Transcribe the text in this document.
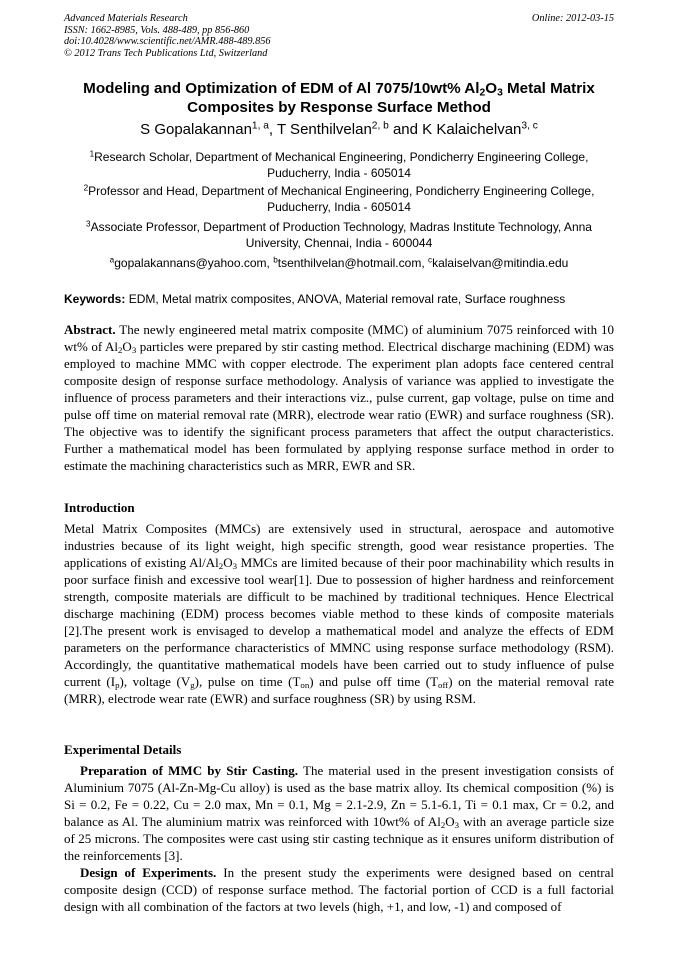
Advanced Materials Research
ISSN: 1662-8985, Vols. 488-489, pp 856-860
doi:10.4028/www.scientific.net/AMR.488-489.856
© 2012 Trans Tech Publications Ltd, Switzerland
Online: 2012-03-15
Modeling and Optimization of EDM of Al 7075/10wt% $Al_2O_3$ Metal Matrix
Composites by Response Surface Method
S Gopalakannan$^{1, a}$, T Senthilvelan$^{2, b}$ and K Kalaichelvan$^{3, c}$
$^1$Research Scholar, Department of Mechanical Engineering, Pondicherry Engineering College,
Puducherry, India - 605014
$^2$Professor and Head, Department of Mechanical Engineering, Pondicherry Engineering College,
Puducherry, India - 605014
$^3$Associate Professor, Department of Production Technology, Madras Institute Technology, Anna
University, Chennai, India - 600044
$^a$gopalakannans@yahoo.com, $^b$tsenthilvelan@hotmail.com, $^c$kalaiselvan@mitindia.edu
Keywords: EDM, Metal matrix composites, ANOVA, Material removal rate, Surface roughness
Abstract. The newly engineered metal matrix composite (MMC) of aluminium 7075 reinforced with 10 wt% of $Al_2O_3$ particles were prepared by stir casting method. Electrical discharge machining (EDM) was employed to machine MMC with copper electrode. The experiment plan adopts face centered central composite design of response surface methodology. Analysis of variance was applied to investigate the influence of process parameters and their interactions viz., pulse current, gap voltage, pulse on time and pulse off time on material removal rate (MRR), electrode wear ratio (EWR) and surface roughness (SR). The objective was to identify the significant process parameters that affect the output characteristics. Further a mathematical model has been formulated by applying response surface method in order to estimate the machining characteristics such as MRR, EWR and SR.
Introduction
Metal Matrix Composites (MMCs) are extensively used in structural, aerospace and automotive industries because of its light weight, high specific strength, good wear resistance properties. The applications of existing $Al/Al_2O_3$ MMCs are limited because of their poor machinability which results in poor surface finish and excessive tool wear[1]. Due to possession of higher hardness and reinforcement strength, composite materials are difficult to be machined by traditional techniques. Hence Electrical discharge machining (EDM) process becomes viable method to these kinds of composite materials [2].The present work is envisaged to develop a mathematical model and analyze the effects of EDM parameters on the performance characteristics of MMNC using response surface methodology (RSM). Accordingly, the quantitative mathematical models have been carried out to study influence of pulse current $(I_p)$, voltage $(V_g)$, pulse on time $(T_{on})$ and pulse off time $(T_{off})$ on the material removal rate (MRR), electrode wear rate (EWR) and surface roughness (SR) by using RSM.
Experimental Details

Preparation of MMC by Stir Casting. The material used in the present investigation consists of Aluminium 7075 (Al-Zn-Mg-Cu alloy) is used as the base matrix alloy. Its chemical composition (%) is Si = 0.2, Fe = 0.22, Cu = 2.0 max, Mn = 0.1, Mg = 2.1-2.9, Zn = 5.1-6.1, Ti = 0.1 max, Cr = 0.2, and balance as Al. The aluminium matrix was reinforced with 10wt% of $Al_2O_3$ with an average particle size of 25 microns. The composites were cast using stir casting technique as it ensures uniform distribution of the reinforcements [3].

Design of Experiments. In the present study the experiments were designed based on central composite design (CCD) of response surface method. The factorial portion of CCD is a full factorial design with all combination of the factors at two levels (high, +1, and low, -1) and composed of
